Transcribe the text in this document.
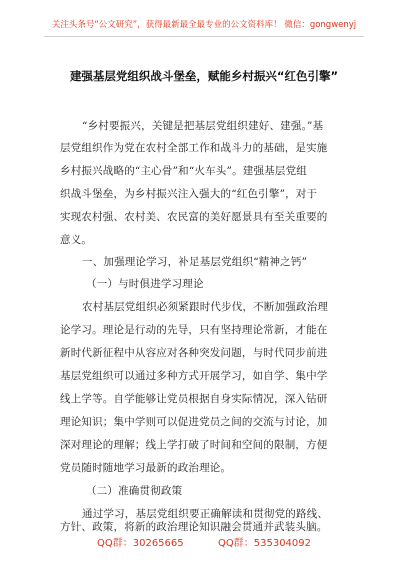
关注头条号“公文研究”，获得最新最全最专业的公文资料库！ 微信：gongwenyj
建强基层党组织战斗堡垒，赋能乡村振兴“红色引擎”
“乡村要振兴，关键是把基层党组织建好、建强。”基
层党组织作为党在农村全部工作和战斗力的基础，是实施
乡村振兴战略的“主心骨”和“火车头”。建强基层党组
织战斗堡垒，为乡村振兴注入强大的“红色引擎”，对于
实现农村强、农村美、农民富的美好愿景具有至关重要的
意义。
一、加强理论学习，补足基层党组织“精神之钙”
（一）与时俱进学习理论
农村基层党组织必须紧跟时代步伐，不断加强政治理
论学习。理论是行动的先导，只有坚持理论常新，才能在
新时代新征程中从容应对各种突发问题，与时代同步前进
基层党组织可以通过多种方式开展学习，如自学、集中学
线上学等。自学能够让党员根据自身实际情况，深入钻研
理论知识；集中学则可以促进党员之间的交流与讨论，加
深对理论的理解；线上学打破了时间和空间的限制，方便
党员随时随地学习最新的政治理论。
（二）准确贯彻政策
通过学习，基层党组织要正确解读和贯彻党的路线、
方针、政策，将新的政治理论知识融会贯通并武装头脑。
QQ群：30265665	QQ群：535304092
